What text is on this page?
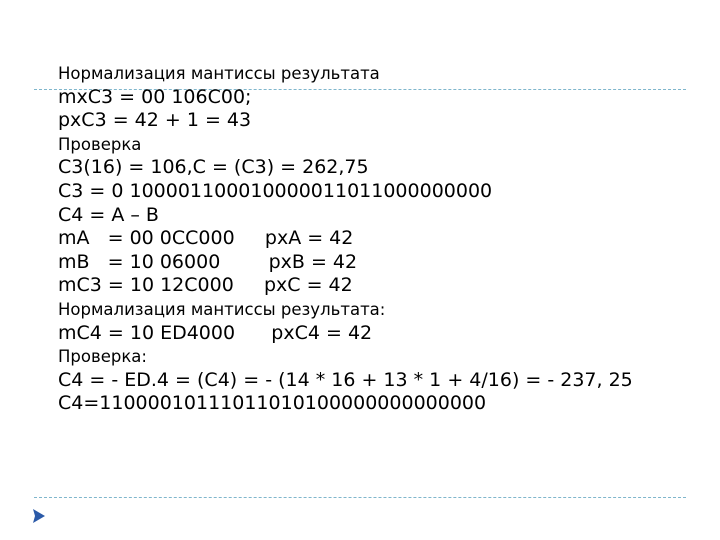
Нормализация мантиссы результата
mxC3 = 00 106C00;
pxC3 = 42 + 1 = 43
Проверка
C3(16) = 106,C = (C3) = 262,75
C3 = 0 100001100010000011011000000000
C4 = A – B
mA   = 00 0CC000     pxA = 42
mB   = 10 06000        pxB = 42
mC3 = 10 12C000     pxC = 42
Нормализация мантиссы результата:
mC4 = 10 ED4000      pxC4 = 42
Проверка:
C4 = - ED.4 = (C4) = - (14 * 16 + 13 * 1 + 4/16) = - 237, 25
C4=11000010111011010100000000000000
